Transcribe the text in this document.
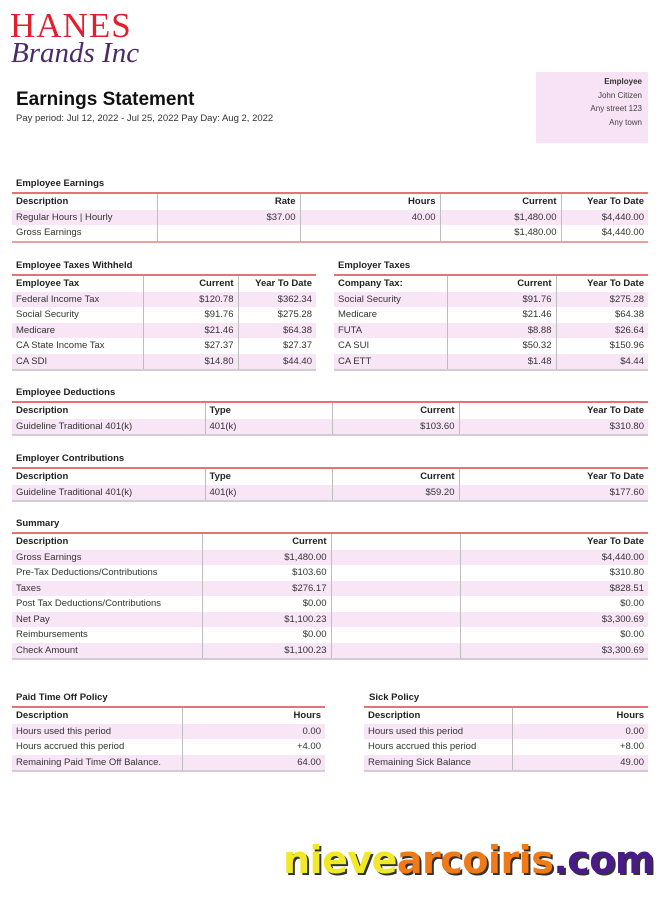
HANES
Brands Inc
Earnings Statement
Pay period: Jul 12, 2022 - Jul 25, 2022 Pay Day: Aug 2, 2022
Employee
John Citizen
Any street 123
Any town
Employee Earnings
Description	Rate	Hours	Current	Year To Date
Regular Hours | Hourly	$37.00	40.00	$1,480.00	$4,440.00
Gross Earnings			$1,480.00	$4,440.00
Employee Taxes Withheld
Employee Tax	Current	Year To Date
Federal Income Tax	$120.78	$362.34
Social Security	$91.76	$275.28
Medicare	$21.46	$64.38
CA State Income Tax	$27.37	$27.37
CA SDI	$14.80	$44.40
Employer Taxes
Company Tax:	Current	Year To Date
Social Security	$91.76	$275.28
Medicare	$21.46	$64.38
FUTA	$8.88	$26.64
CA SUI	$50.32	$150.96
CA ETT	$1.48	$4.44
Employee Deductions
Description	Type	Current	Year To Date
Guideline Traditional 401(k)	401(k)	$103.60	$310.80
Employer Contributions
Description	Type	Current	Year To Date
Guideline Traditional 401(k)	401(k)	$59.20	$177.60
Summary
Description	Current		Year To Date
Gross Earnings	$1,480.00		$4,440.00
Pre-Tax Deductions/Contributions	$103.60		$310.80
Taxes	$276.17		$828.51
Post Tax Deductions/Contributions	$0.00		$0.00
Net Pay	$1,100.23		$3,300.69
Reimbursements	$0.00		$0.00
Check Amount	$1,100.23		$3,300.69
Paid Time Off Policy
Description	Hours
Hours used this period	0.00
Hours accrued this period	+4.00
Remaining Paid Time Off Balance.	64.00
Sick Policy
Description	Hours
Hours used this period	0.00
Hours accrued this period	+8.00
Remaining Sick Balance	49.00
nievearcoiris.com
